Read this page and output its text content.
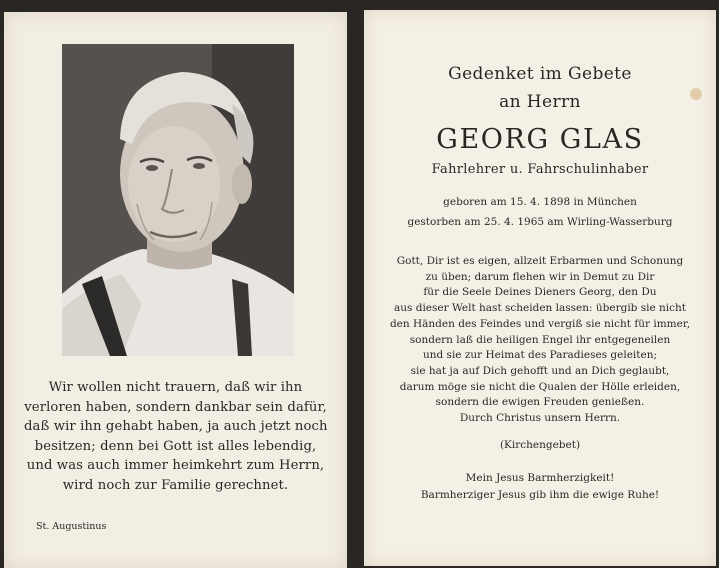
Wir wollen nicht trauern, daß wir ihn
verloren haben, sondern dankbar sein dafür,
daß wir ihn gehabt haben, ja auch jetzt noch
besitzen; denn bei Gott ist alles lebendig,
und was auch immer heimkehrt zum Herrn,
wird noch zur Familie gerechnet.
St. Augustinus
Gedenket im Gebete
an Herrn
GEORG GLAS
Fahrlehrer u. Fahrschulinhaber
geboren am 15. 4. 1898 in München
gestorben am 25. 4. 1965 am Wirling-Wasserburg
Gott, Dir ist es eigen, allzeit Erbarmen und Schonung
zu üben; darum flehen wir in Demut zu Dir
für die Seele Deines Dieners Georg, den Du
aus dieser Welt hast scheiden lassen: übergib sie nicht
den Händen des Feindes und vergiß sie nicht für immer,
sondern laß die heiligen Engel ihr entgegeneilen
und sie zur Heimat des Paradieses geleiten;
sie hat ja auf Dich gehofft und an Dich geglaubt,
darum möge sie nicht die Qualen der Hölle erleiden,
sondern die ewigen Freuden genießen.
Durch Christus unsern Herrn.
(Kirchengebet)
Mein Jesus Barmherzigkeit!
Barmherziger Jesus gib ihm die ewige Ruhe!
